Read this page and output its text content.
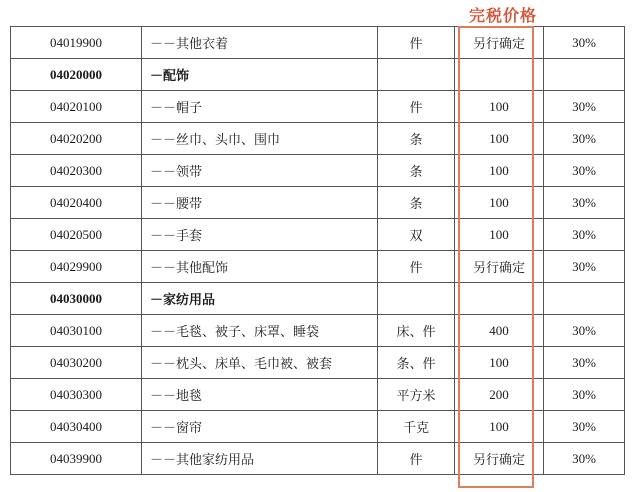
完税价格
04019900	－－其他衣着	件	另行确定	30%
04020000	－配饰			
04020100	－－帽子	件	100	30%
04020200	－－丝巾、头巾、围巾	条	100	30%
04020300	－－领带	条	100	30%
04020400	－－腰带	条	100	30%
04020500	－－手套	双	100	30%
04029900	－－其他配饰	件	另行确定	30%
04030000	－家纺用品			
04030100	－－毛毯、被子、床罩、睡袋	床、件	400	30%
04030200	－－枕头、床单、毛巾被、被套	条、件	100	30%
04030300	－－地毯	平方米	200	30%
04030400	－－窗帘	千克	100	30%
04039900	－－其他家纺用品	件	另行确定	30%
